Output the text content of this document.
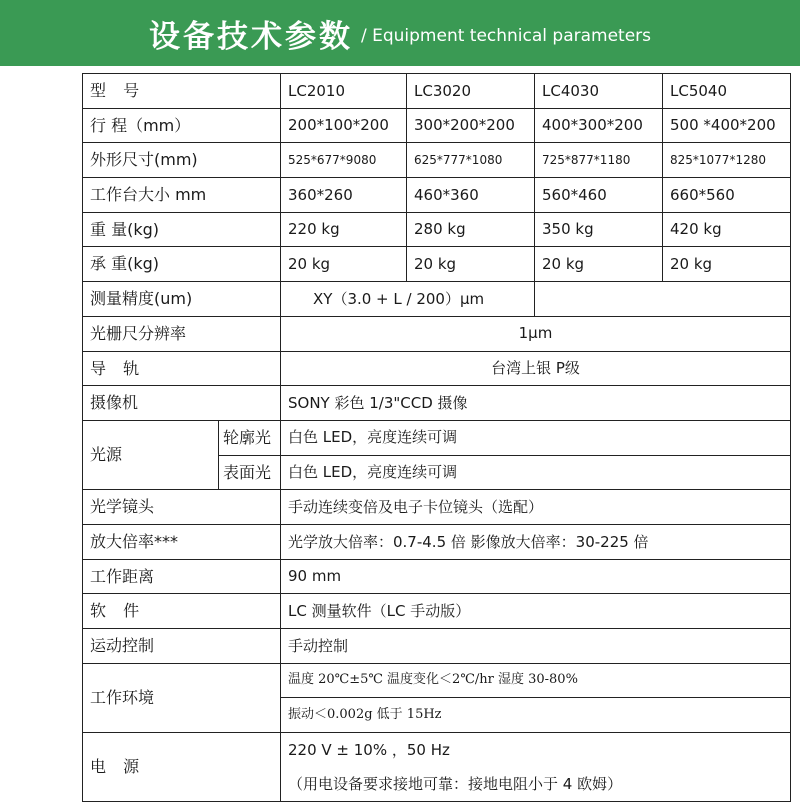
设备技术参数 / Equipment technical parameters
型 号		LC2010	LC3020	LC4030	LC5040
行 程（mm）		200*100*200	300*200*200	400*300*200	500 *400*200
外形尺寸(mm)		525*677*9080	625*777*1080	725*877*1180	825*1077*1280
工作台大小 mm		360*260	460*360	560*460	660*560
重 量(kg)		220 kg	280 kg	350 kg	420 kg
承 重(kg)		20 kg	20 kg	20 kg	20 kg
测量精度(um)		XY（3.0 + L / 200）μm			
光栅尺分辨率		1μm			
导 轨		台湾上银 P级			
摄像机		SONY 彩色 1/3"CCD 摄像			
光源	轮廓光	白色 LED，亮度连续可调			
	表面光	白色 LED，亮度连续可调			
光学镜头		手动连续变倍及电子卡位镜头（选配）			
放大倍率***		光学放大倍率：0.7-4.5 倍 影像放大倍率：30-225 倍			
工作距离		90 mm			
软 件		LC 测量软件（LC 手动版）			
运动控制		手动控制			
工作环境		温度 20℃±5℃ 温度变化＜2℃/hr 湿度 30-80%			
		振动＜0.002g 低于 15Hz			
电 源		220 V ± 10% ，50 Hz			
		（用电设备要求接地可靠：接地电阻小于 4 欧姆）			
